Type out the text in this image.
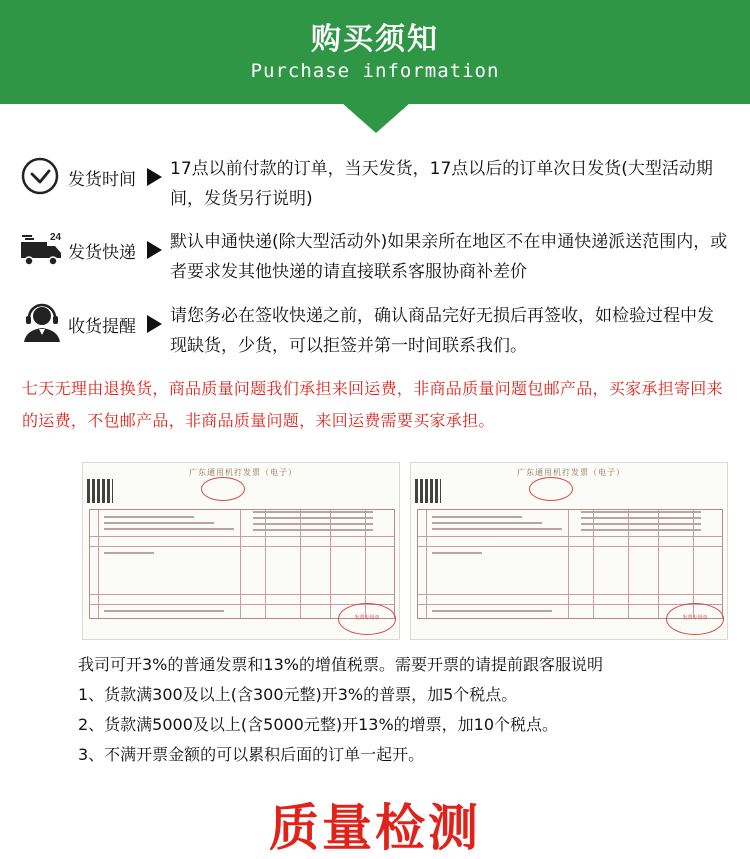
购买须知
Purchase information
发货时间
17点以前付款的订单，当天发货，17点以后的订单次日发货(大型活动期间，发货另行说明)
24
发货快递
默认申通快递(除大型活动外)如果亲所在地区不在申通快递派送范围内，或者要求发其他快递的请直接联系客服协商补差价
收货提醒
请您务必在签收快递之前，确认商品完好无损后再签收，如检验过程中发现缺货，少货，可以拒签并第一时间联系我们。
七天无理由退换货，商品质量问题我们承担来回运费，非商品质量问题包邮产品，买家承担寄回来的运费，不包邮产品，非商品质量问题，来回运费需要买家承担。
广东通用机打发票（电子）
发票专用章
广东通用机打发票（电子）
发票专用章
我司可开3%的普通发票和13%的增值税票。需要开票的请提前跟客服说明
1、货款满300及以上(含300元整)开3%的普票，加5个税点。
2、货款满5000及以上(含5000元整)开13%的增票，加10个税点。
3、不满开票金额的可以累积后面的订单一起开。
质量检测
